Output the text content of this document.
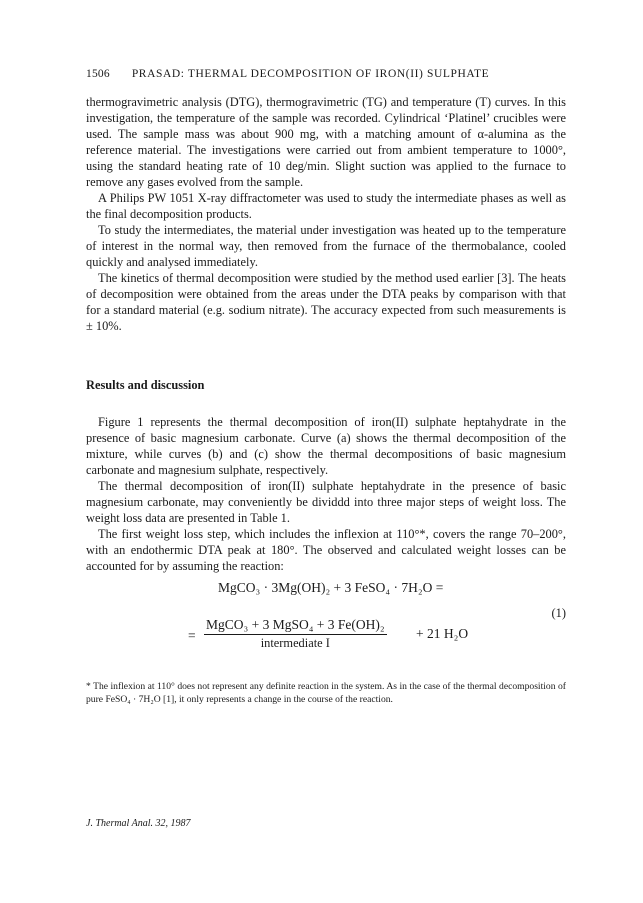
1506 PRASAD: THERMAL DECOMPOSITION OF IRON(II) SULPHATE

thermogravimetric analysis (DTG), thermogravimetric (TG) and temperature (T) curves. In this investigation, the temperature of the sample was recorded. Cylindrical ‘Platinel’ crucibles were used. The sample mass was about 900 mg, with a matching amount of α-alumina as the reference material. The investigations were carried out from ambient temperature to 1000°, using the standard heating rate of 10 deg/min. Slight suction was applied to the furnace to remove any gases evolved from the sample.

A Philips PW 1051 X-ray diffractometer was used to study the intermediate phases as well as the final decomposition products.

To study the intermediates, the material under investigation was heated up to the temperature of interest in the normal way, then removed from the furnace of the thermobalance, cooled quickly and analysed immediately.

The kinetics of thermal decomposition were studied by the method used earlier [3]. The heats of decomposition were obtained from the areas under the DTA peaks by comparison with that for a standard material (e.g. sodium nitrate). The accuracy expected from such measurements is ± 10%.

Results and discussion

Figure 1 represents the thermal decomposition of iron(II) sulphate heptahydrate in the presence of basic magnesium carbonate. Curve (a) shows the thermal decomposition of the mixture, while curves (b) and (c) show the thermal decompositions of basic magnesium carbonate and magnesium sulphate, respectively.

The thermal decomposition of iron(II) sulphate heptahydrate in the presence of basic magnesium carbonate, may conveniently be dividdd into three major steps of weight loss. The weight loss data are presented in Table 1.

The first weight loss step, which includes the inflexion at 110°*, covers the range 70–200°, with an endothermic DTA peak at 180°. The observed and calculated weight losses can be accounted for by assuming the reaction:

MgCO₃ · 3Mg(OH)₂ + 3 FeSO₄ · 7H₂O =
(1)
=
MgCO₃ + 3 MgSO₄ + 3 Fe(OH)₂
intermediate I
+ 21 H₂O
* The inflexion at 110° does not represent any definite reaction in the system. As in the case of the thermal decomposition of pure FeSO₄ · 7H₂O [1], it only represents a change in the course of the reaction.
J. Thermal Anal. 32, 1987
